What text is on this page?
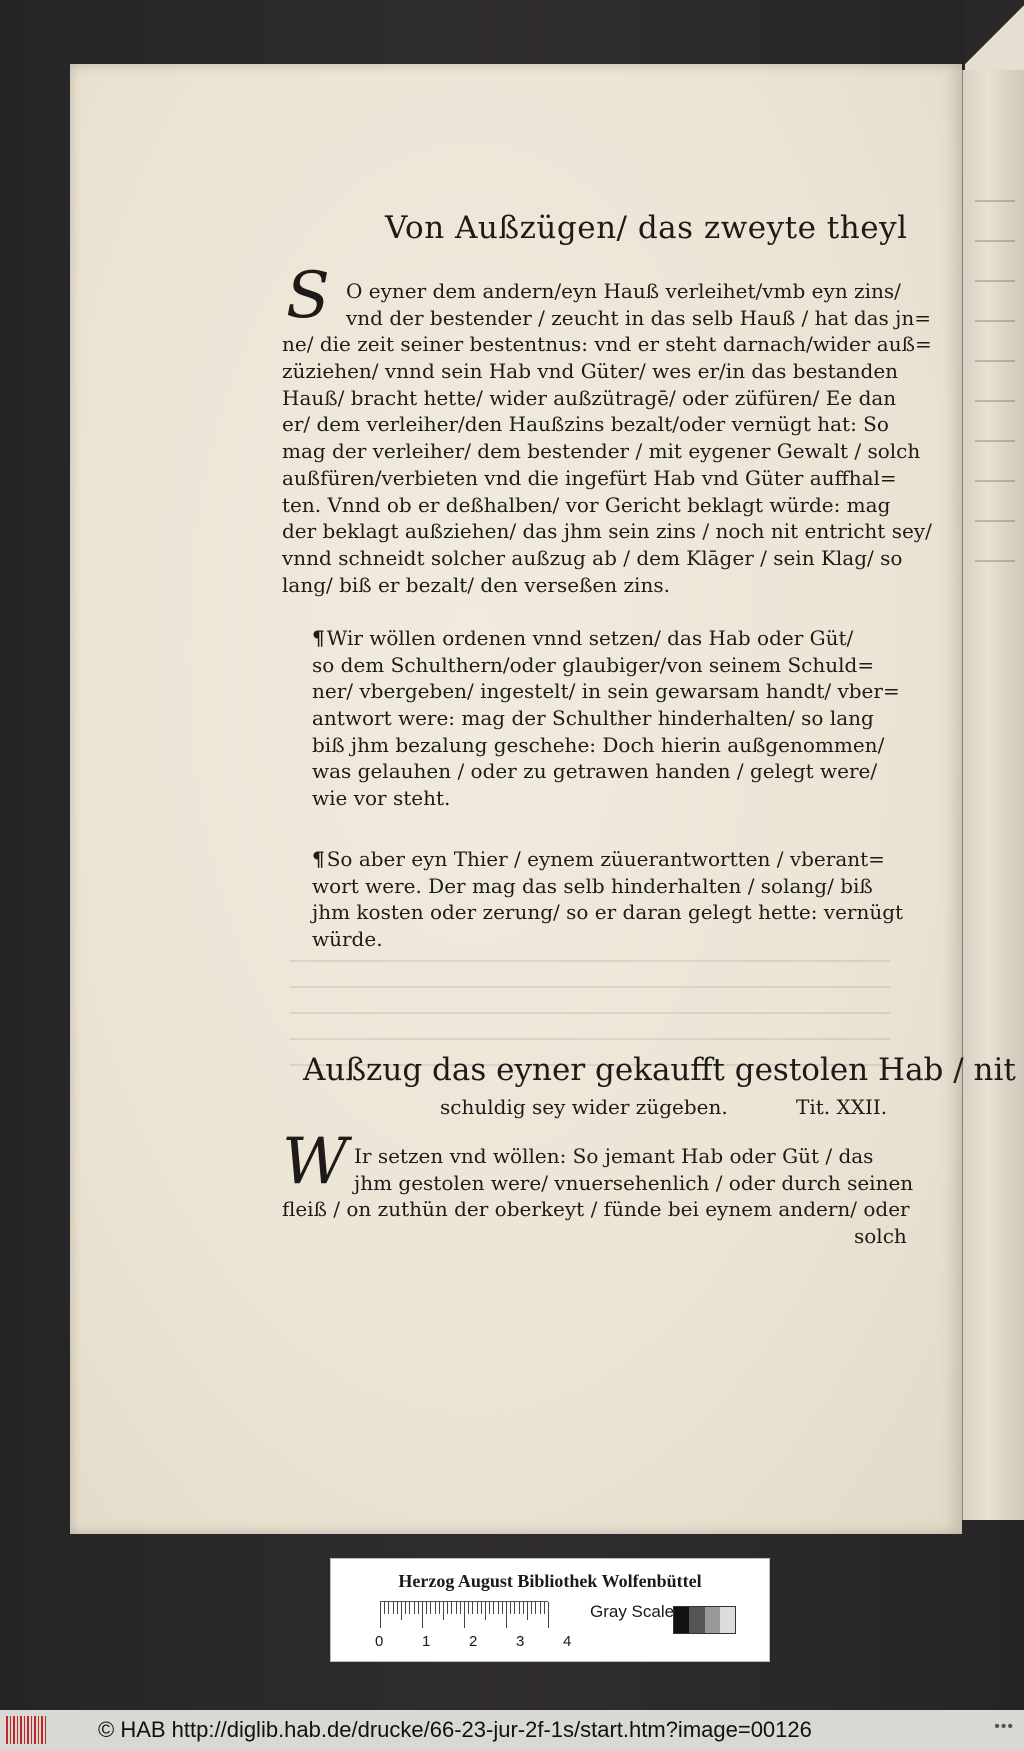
Von Außzügen/ das zweyte theyl
S O eyner dem andern/eyn Hauß verleihet/vmb eyn zins/
vnd der bestender / zeucht in das selb Hauß / hat das jn=
ne/ die zeit seiner bestentnus: vnd er steht darnach/wider auß=
züziehen/ vnnd sein Hab vnd Güter/ wes er/in das bestanden
Hauß/ bracht hette/ wider außzütragē/ oder züfüren/ Ee dan
er/ dem verleiher/den Haußzins bezalt/oder vernügt hat: So
mag der verleiher/ dem bestender / mit eygener Gewalt / solch
außfüren/verbieten vnd die ingefürt Hab vnd Güter auffhal=
ten. Vnnd ob er deßhalben/ vor Gericht beklagt würde: mag
der beklagt außziehen/ das jhm sein zins / noch nit entricht sey/
vnnd schneidt solcher außzug ab / dem Klāger / sein Klag/ so
lang/ biß er bezalt/ den verseßen zins.
¶ Wir wöllen ordenen vnnd setzen/ das Hab oder Güt/
so dem Schulthern/oder glaubiger/von seinem Schuld=
ner/ vbergeben/ ingestelt/ in sein gewarsam handt/ vber=
antwort were: mag der Schulther hinderhalten/ so lang
biß jhm bezalung geschehe: Doch hierin außgenommen/
was gelauhen / oder zu getrawen handen / gelegt were/
wie vor steht.
¶ So aber eyn Thier / eynem züuerantwortten / vberant=
wort were. Der mag das selb hinderhalten / solang/ biß
jhm kosten oder zerung/ so er daran gelegt hette: vernügt
würde.
Außzug das eyner gekaufft gestolen Hab / nit
schuldig sey wider zügeben.	Tit. XXII.
W Ir setzen vnd wöllen: So jemant Hab oder Güt / das
jhm gestolen were/ vnuersehenlich / oder durch seinen
fleiß / on zuthün der oberkeyt / fünde bei eynem andern/ oder
solch
Herzog August Bibliothek Wolfenbüttel
0	1	2	3	4
Gray Scale
© HAB http://diglib.hab.de/drucke/66-23-jur-2f-1s/start.htm?image=00126	•••
